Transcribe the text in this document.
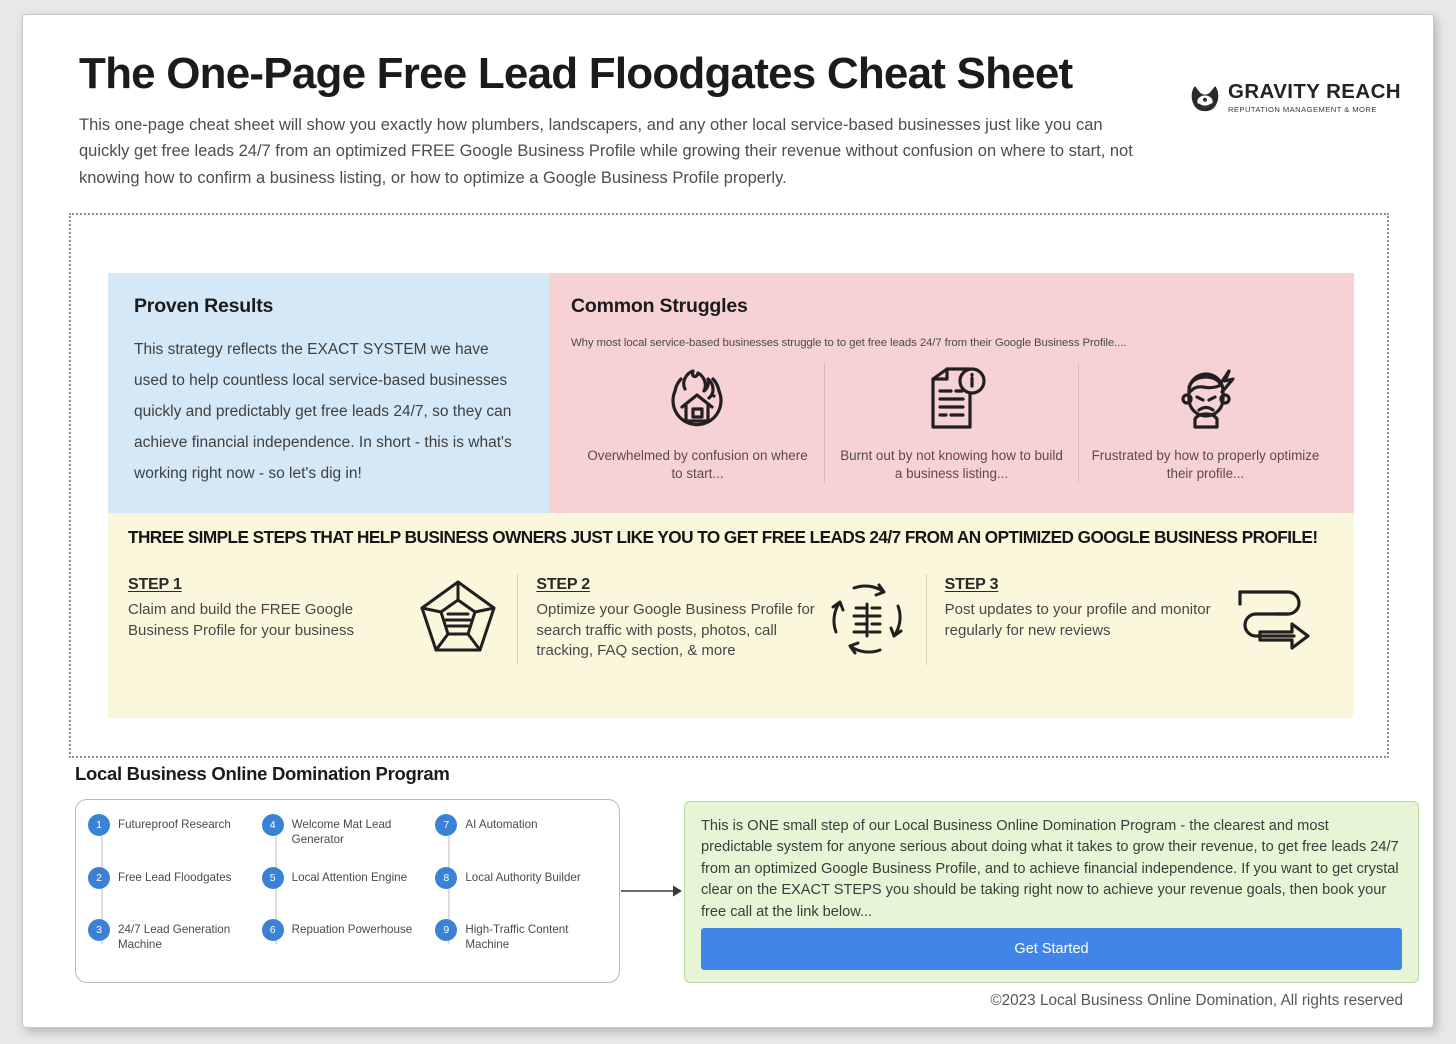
The One-Page Free Lead Floodgates Cheat Sheet
This one-page cheat sheet will show you exactly how plumbers, landscapers, and any other local service-based businesses just like you can quickly get free leads 24/7 from an optimized FREE Google Business Profile while growing their revenue without confusion on where to start, not knowing how to confirm a business listing, or how to optimize a Google Business Profile properly.
GRAVITY REACH
REPUTATION MANAGEMENT & MORE
Proven Results
This strategy reflects the EXACT SYSTEM we have used to help countless local service-based businesses quickly and predictably get free leads 24/7, so they can achieve financial independence. In short - this is what's working right now - so let's dig in!
Common Struggles
Why most local service-based businesses struggle to to get free leads 24/7 from their Google Business Profile....
Overwhelmed by confusion on where to start...
Burnt out by not knowing how to build a business listing...
Frustrated by how to properly optimize their profile...
THREE SIMPLE STEPS THAT HELP BUSINESS OWNERS JUST LIKE YOU TO GET FREE LEADS 24/7 FROM AN OPTIMIZED GOOGLE BUSINESS PROFILE!
STEP 1
Claim and build the FREE Google Business Profile for your business
STEP 2
Optimize your Google Business Profile for search traffic with posts, photos, call tracking, FAQ section, & more
STEP 3
Post updates to your profile and monitor regularly for new reviews
Local Business Online Domination Program
1	Futureproof Research
2	Free Lead Floodgates
3	24/7 Lead Generation Machine
4	Welcome Mat Lead Generator
5	Local Attention Engine
6	Repuation Powerhouse
7	AI Automation
8	Local Authority Builder
9	High-Traffic Content Machine
This is ONE small step of our Local Business Online Domination Program - the clearest and most predictable system for anyone serious about doing what it takes to grow their revenue, to get free leads 24/7 from an optimized Google Business Profile, and to achieve financial independence. If you want to get crystal clear on the EXACT STEPS you should be taking right now to achieve your revenue goals, then book your free call at the link below...
Get Started
©2023 Local Business Online Domination, All rights reserved
